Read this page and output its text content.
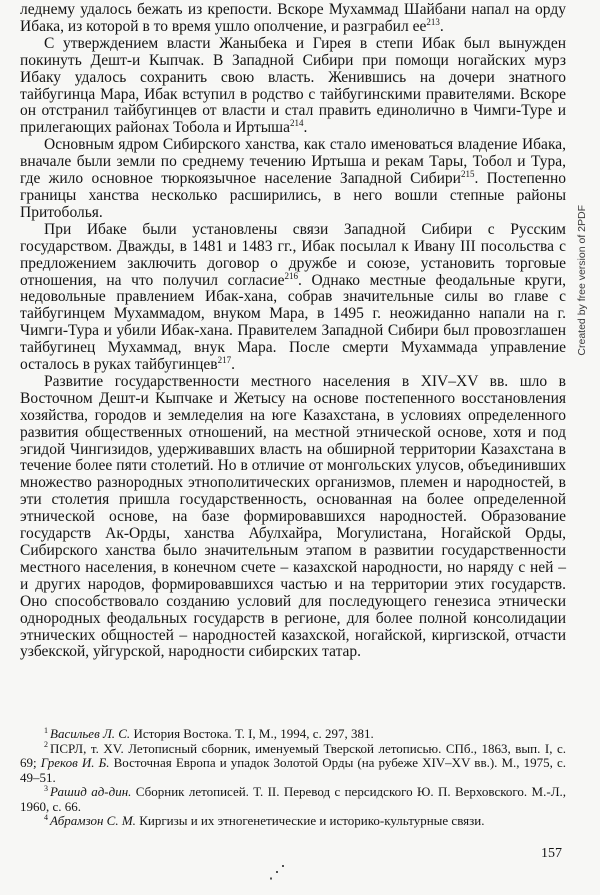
Created by free version of 2PDF

леднему удалось бежать из крепости. Вскоре Мухаммад Шайбани напал на орду Ибака, из которой в то время ушло ополчение, и разграбил $ее^{213}$.

С утверждением власти Жаныбека и Гирея в степи Ибак был вынужден покинуть Дешт-и Кыпчак. В Западной Сибири при помощи ногайских мурз Ибаку удалось сохранить свою власть. Женившись на дочери знатного тайбугинца Мара, Ибак вступил в родство с тайбугинскими правителями. Вскоре он отстранил тайбугинцев от власти и стал править единолично в Чимги-Туре и прилегающих районах Тобола и Иртыша$^{214}$.

Основным ядром Сибирского ханства, как стало именоваться владение Ибака, вначале были земли по среднему течению Иртыша и рекам Тары, Тобол и Тура, где жило основное тюркоязычное население Западной Сибири$^{215}$. Постепенно границы ханства несколько расширились, в него вошли степные районы Притоболья.

При Ибаке были установлены связи Западной Сибири с Русским государством. Дважды, в 1481 и 1483 гг., Ибак посылал к Ивану III посольства с предложением заключить договор о дружбе и союзе, установить торговые отношения, на что получил согласие$^{216}$. Однако местные феодальные круги, недовольные правлением Ибак-хана, собрав значительные силы во главе с тайбугинцем Мухаммадом, внуком Мара, в 1495 г. неожиданно напали на г. Чимги-Тура и убили Ибак-хана. Правителем Западной Сибири был провозглашен тайбугинец Мухаммад, внук Мара. После смерти Мухаммада управление осталось в руках тайбугинцев$^{217}$.

Развитие государственности местного населения в XIV–XV вв. шло в Восточном Дешт-и Кыпчаке и Жетысу на основе постепенного восстановления хозяйства, городов и земледелия на юге Казахстана, в условиях определенного развития общественных отношений, на местной этнической основе, хотя и под эгидой Чингизидов, удерживавших власть на обширной территории Казахстана в течение более пяти столетий. Но в отличие от монгольских улусов, объединивших множество разнородных этнополитических организмов, племен и народностей, в эти столетия пришла государственность, основанная на более определенной этнической основе, на базе формировавшихся народностей. Образование государств Ак-Орды, ханства Абулхайра, Могулистана, Ногайской Орды, Сибирского ханства было значительным этапом в развитии государственности местного населения, в конечном счете – казахской народности, но наряду с ней – и других народов, формировавшихся частью и на территории этих государств. Оно способствовало созданию условий для последующего генезиса этнически однородных феодальных государств в регионе, для более полной консолидации этнических общностей – народностей казахской, ногайской, киргизской, отчасти узбекской, уйгурской, народности сибирских татар.

$^1$ Васильев Л. С. История Востока. Т. I, М., 1994, с. 297, 381.

$^2$ ПСРЛ, т. XV. Летописный сборник, именуемый Тверской летописью. СПб., 1863, вып. I, с. 69; Греков И. Б. Восточная Европа и упадок Золотой Орды (на рубеже XIV–XV вв.). М., 1975, с. 49–51.

$^3$ Рашид ад-дин. Сборник летописей. Т. II. Перевод с персидского Ю. П. Верховского. М.-Л., 1960, с. 66.

$^4$ Абрамзон С. М. Киргизы и их этногенетические и историко-культурные связи.

⋰
157
